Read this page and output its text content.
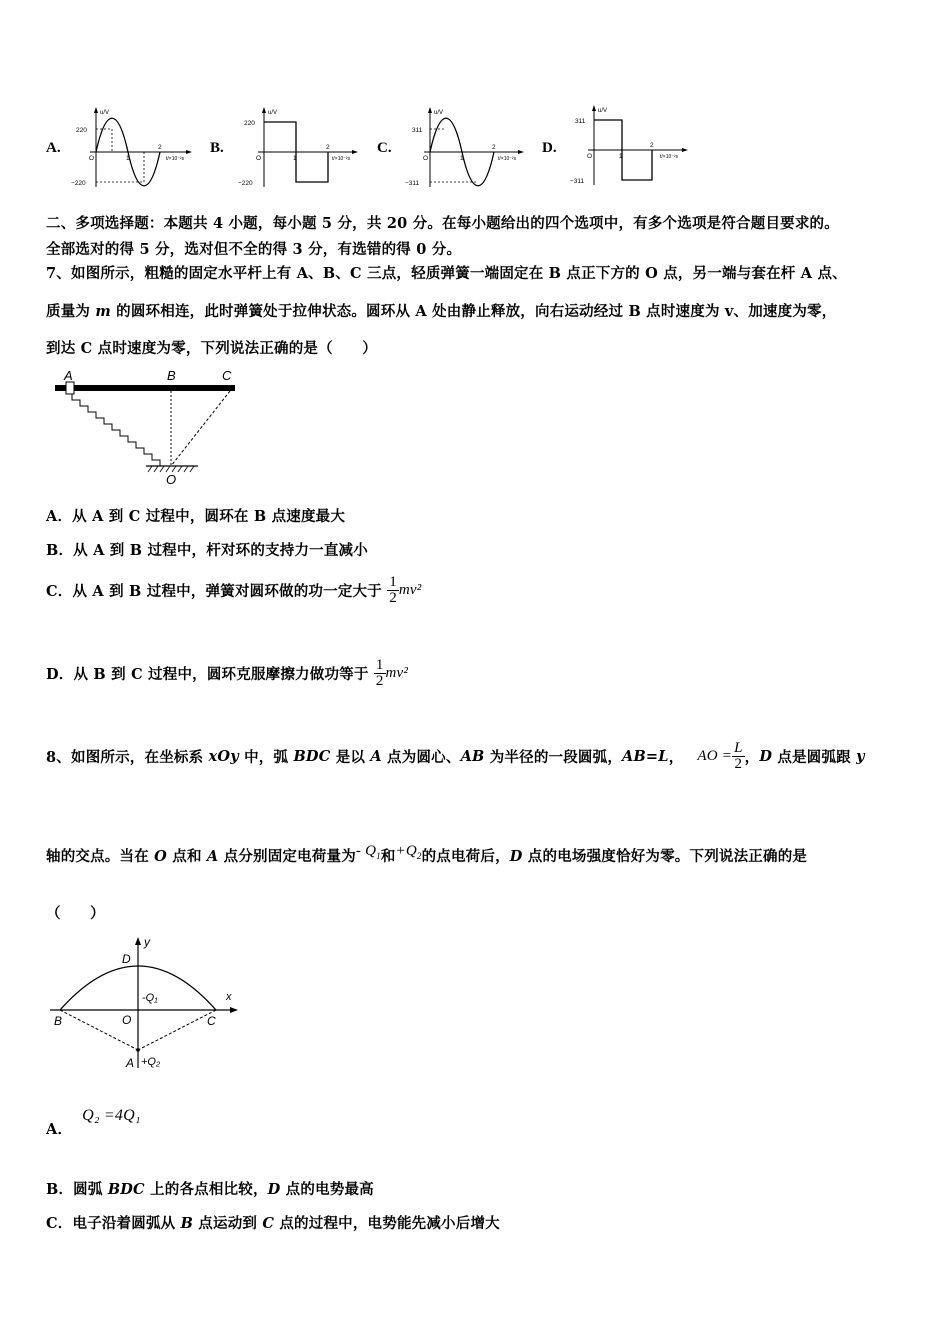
A.
u/V
220
−220
O	1
2
t/×10⁻²s
B.
u/V
220
−220
O	1
2
t/×10⁻²s
C.
u/V
311
−311
O	1
2
t/×10⁻²s
D.
u/V
311
−311
O	1
2
t/×10⁻²s
二、多项选择题：本题共 4 小题，每小题 5 分，共 20 分。在每小题给出的四个选项中，有多个选项是符合题目要求的。
全部选对的得 5 分，选对但不全的得 3 分，有选错的得 0 分。
7、如图所示，粗糙的固定水平杆上有 A、B、C 三点，轻质弹簧一端固定在 B 点正下方的 O 点，另一端与套在杆 A 点、
质量为 m 的圆环相连，此时弹簧处于拉伸状态。圆环从 A 处由静止释放，向右运动经过 B 点时速度为 v、加速度为零，
到达 C 点时速度为零，下列说法正确的是（　　）
A	B	C
O
A．从 A 到 C 过程中，圆环在 B 点速度最大
B．从 A 到 B 过程中，杆对环的支持力一直减小
C．从 A 到 B 过程中，弹簧对圆环做的功一定大于 $\frac{1}{2} mv^2$
D．从 B 到 C 过程中，圆环克服摩擦力做功等于 $\frac{1}{2} mv^2$
8、如图所示，在坐标系 xOy 中，弧 BDC 是以 A 点为圆心、AB 为半径的一段圆弧，AB=L， AO = $\frac{L}{2}$ ，D 点是圆弧跟 y
轴的交点。当在 O 点和 A 点分别固定电荷量为- $Q_1$和$+Q_2$的点电荷后，D 点的电场强度恰好为零。下列说法正确的是
（　　）
D
y
x
-Q₁
B	O	C
A +Q₂
A．Q₂ =4Q₁
B．圆弧 BDC 上的各点相比较，D 点的电势最高
C．电子沿着圆弧从 B 点运动到 C 点的过程中，电势能先减小后增大
